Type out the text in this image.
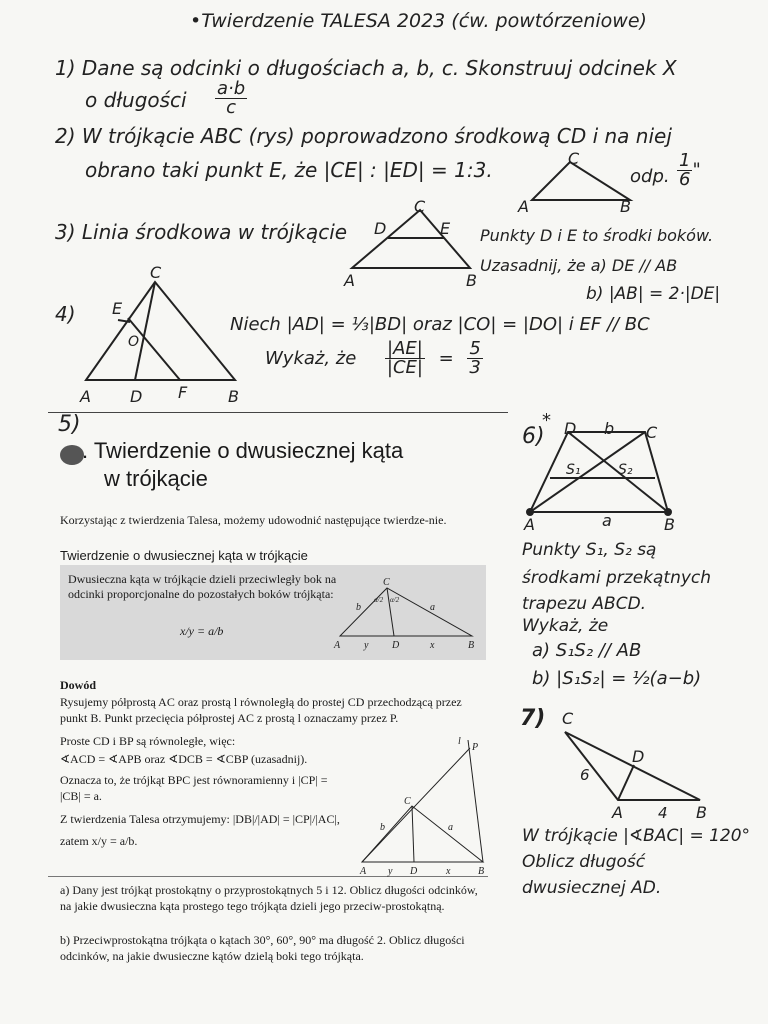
•Twierdzenie TALESA 2023 (ćw. powtórzeniowe)
1) Dane są odcinki o długościach a, b, c. Skonstruuj odcinek X
o długości $\frac{a\cdot b}{c}$
2) W trójkącie ABC (rys) poprowadzono środkową CD i na niej
obrano taki punkt E, że |CE| : |ED| = 1:3.	odp. $\frac{1}{6}$ "
3) Linia środkowa w trójkącie	Punkty D i E to środki boków.
Uzasadnij, że a) DE // AB
b) |AB| = 2·|DE|
4)	Niech |AD| = ⅓|BD| oraz |CO| = |DO| i EF // BC
Wykaż, że $\frac{|AE|}{|CE|} = \frac{5}{3}$
5)
. Twierdzenie o dwusiecznej kąta
w trójkącie
Korzystając z twierdzenia Talesa, możemy udowodnić następujące twierdze-nie.
Twierdzenie o dwusiecznej kąta w trójkącie
Dwusieczna kąta w trójkącie dzieli przeciwległy bok na odcinki proporcjonalne do pozostałych boków trójkąta:
x/y = a/b
Dowód
Rysujemy półprostą AC oraz prostą l równoległą do prostej CD przechodzącą przez punkt B. Punkt przecięcia półprostej AC z prostą l oznaczamy przez P.
Proste CD i BP są równoległe, więc:
∢ACD = ∢APB oraz ∢DCB = ∢CBP (uzasadnij).
Oznacza to, że trójkąt BPC jest równoramienny i |CP| = |CB| = a.
Z twierdzenia Talesa otrzymujemy: |DB|/|AD| = |CP|/|AC|,
zatem x/y = a/b.
a) Dany jest trójkąt prostokątny o przyprostokątnych 5 i 12. Oblicz długości odcinków, na jakie dwusieczna kąta prostego tego trójkąta dzieli jego przeciw-prostokątną.
b) Przeciwprostokątna trójkąta o kątach 30°, 60°, 90° ma długość 2. Oblicz długości odcinków, na jakie dwusieczne kątów dzielą boki tego trójkąta.
*
6)
Punkty S₁, S₂ są
środkami przekątnych
trapezu ABCD.
Wykaż, że
a) S₁S₂ // AB
b) |S₁S₂| = ½(a−b)
7)
W trójkącie |∢BAC| = 120°
Oblicz długość
dwusiecznej AD.
A	B
C
A	B
C
D	E
A D F	B
C
E
O
D b C
S₁	S₂
A	a	B
C
D
6
A 4 B
A y D	x	B
C
b	a
α/2 α/2
A y D	x	B
C
P
l
b	a
